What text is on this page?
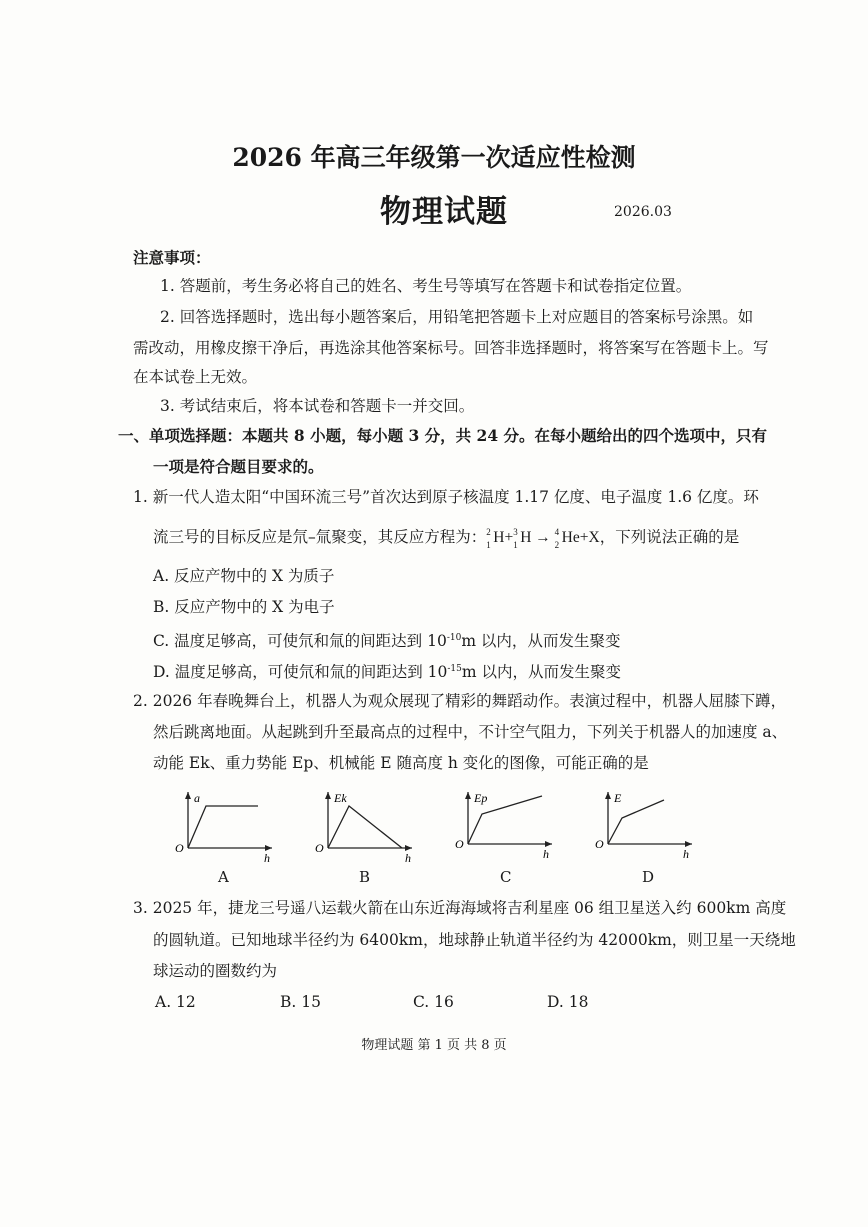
2026 年高三年级第一次适应性检测
物理试题	2026.03
注意事项：
1. 答题前，考生务必将自己的姓名、考生号等填写在答题卡和试卷指定位置。
2. 回答选择题时，选出每小题答案后，用铅笔把答题卡上对应题目的答案标号涂黑。如
需改动，用橡皮擦干净后，再选涂其他答案标号。回答非选择题时，将答案写在答题卡上。写
在本试卷上无效。
3. 考试结束后，将本试卷和答题卡一并交回。
一、单项选择题：本题共 8 小题，每小题 3 分，共 24 分。在每小题给出的四个选项中，只有
一项是符合题目要求的。
1. 新一代人造太阳“中国环流三号”首次达到原子核温度 1.17 亿度、电子温度 1.6 亿度。环
流三号的目标反应是氘–氚聚变，其反应方程为： 2
1 H+ 3
1 H → 4
2 He+X，下列说法正确的是
A. 反应产物中的 X 为质子
B. 反应产物中的 X 为电子
C. 温度足够高，可使氘和氚的间距达到 $10^{-10}m$ 以内，从而发生聚变
D. 温度足够高，可使氘和氚的间距达到 $10^{-15}m$ 以内，从而发生聚变
2. 2026 年春晚舞台上，机器人为观众展现了精彩的舞蹈动作。表演过程中，机器人屈膝下蹲，
然后跳离地面。从起跳到升至最高点的过程中，不计空气阻力，下列关于机器人的加速度 a、
动能 Ek、重力势能 Ep、机械能 E 随高度 h 变化的图像，可能正确的是
a
O
h
A
Ek
O
h
B
Ep
O
h
C
E
O
h
D
3. 2025 年，捷龙三号遥八运载火箭在山东近海海域将吉利星座 06 组卫星送入约 600km 高度
的圆轨道。已知地球半径约为 6400km，地球静止轨道半径约为 42000km，则卫星一天绕地
球运动的圈数约为
A. 12	B. 15	C. 16	D. 18
物理试题 第 1 页 共 8 页
